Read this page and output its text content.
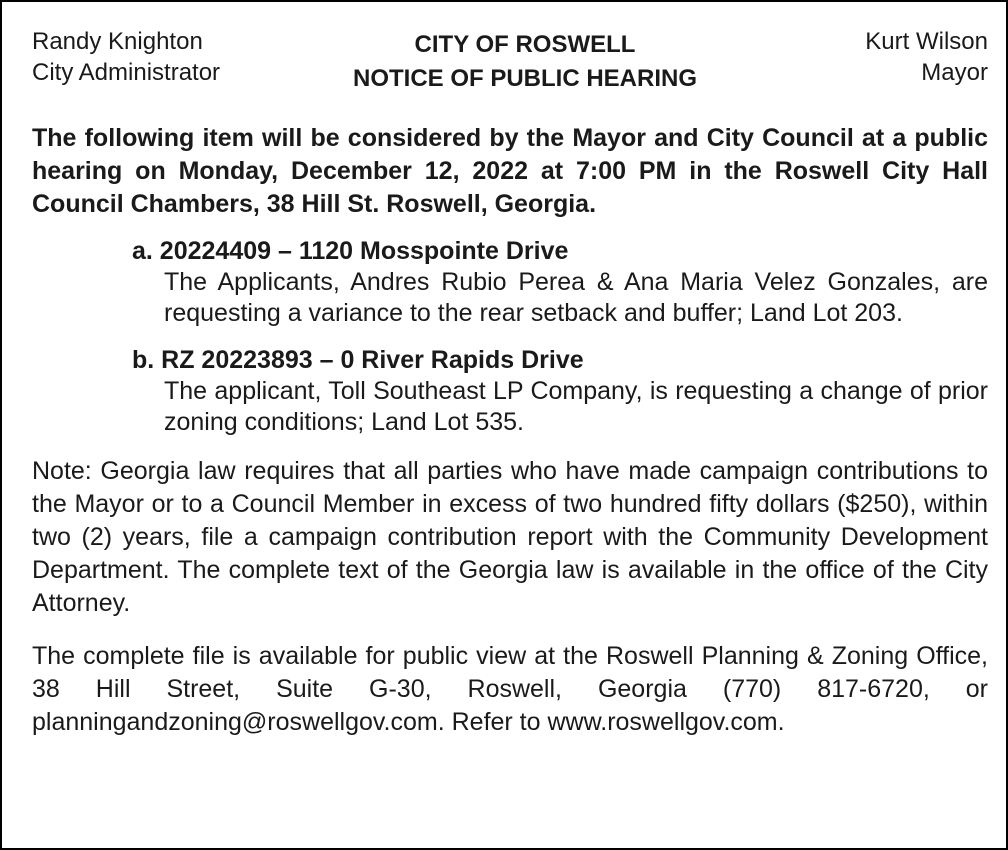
Randy Knighton
City Administrator
CITY OF ROSWELL
NOTICE OF PUBLIC HEARING
Kurt Wilson
Mayor
The following item will be considered by the Mayor and City Council at a public hearing on Monday, December 12, 2022 at 7:00 PM in the Roswell City Hall Council Chambers, 38 Hill St. Roswell, Georgia.
a. 20224409 – 1120 Mosspointe Drive
The Applicants, Andres Rubio Perea & Ana Maria Velez Gonzales, are requesting a variance to the rear setback and buffer; Land Lot 203.
b. RZ 20223893 – 0 River Rapids Drive
The applicant, Toll Southeast LP Company, is requesting a change of prior zoning conditions; Land Lot 535.
Note: Georgia law requires that all parties who have made campaign contributions to the Mayor or to a Council Member in excess of two hundred fifty dollars ($250), within two (2) years, file a campaign contribution report with the Community Development Department. The complete text of the Georgia law is available in the office of the City Attorney.
The complete file is available for public view at the Roswell Planning & Zoning Office, 38 Hill Street, Suite G-30, Roswell, Georgia (770) 817-6720, or planningandzoning@roswellgov.com. Refer to www.roswellgov.com.
